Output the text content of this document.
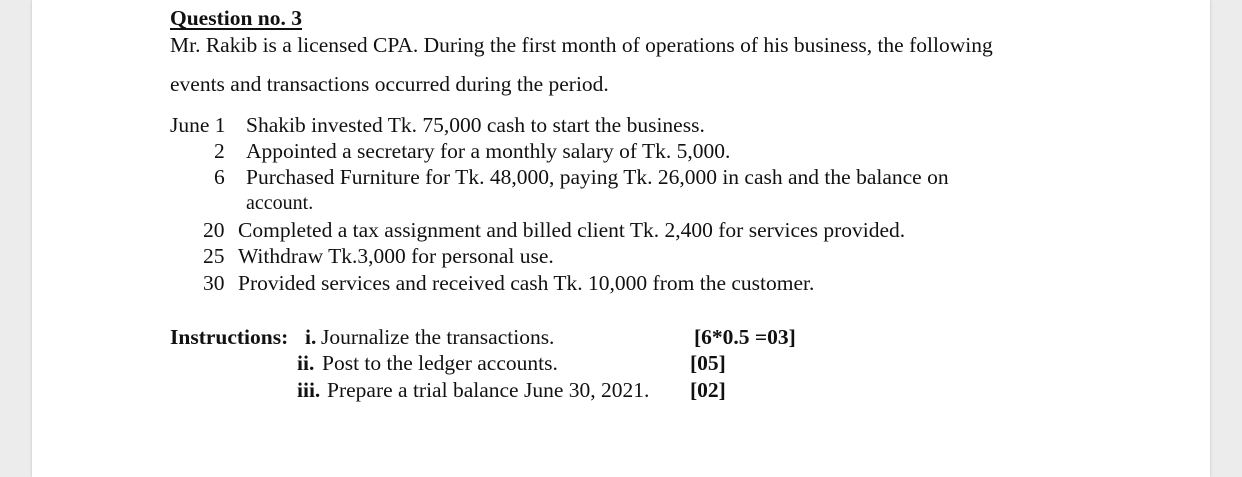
Question no. 3
Mr. Rakib is a licensed CPA. During the first month of operations of his business, the following
events and transactions occurred during the period.
June 1 Shakib invested Tk. 75,000 cash to start the business.
2 Appointed a secretary for a monthly salary of Tk. 5,000.
6 Purchased Furniture for Tk. 48,000, paying Tk. 26,000 in cash and the balance on
account.
20 Completed a tax assignment and billed client Tk. 2,400 for services provided.
25 Withdraw Tk.3,000 for personal use.
30 Provided services and received cash Tk. 10,000 from the customer.
Instructions: i. Journalize the transactions.	[6*0.5 =03]
ii. Post to the ledger accounts.	[05]
iii. Prepare a trial balance June 30, 2021. [02]
